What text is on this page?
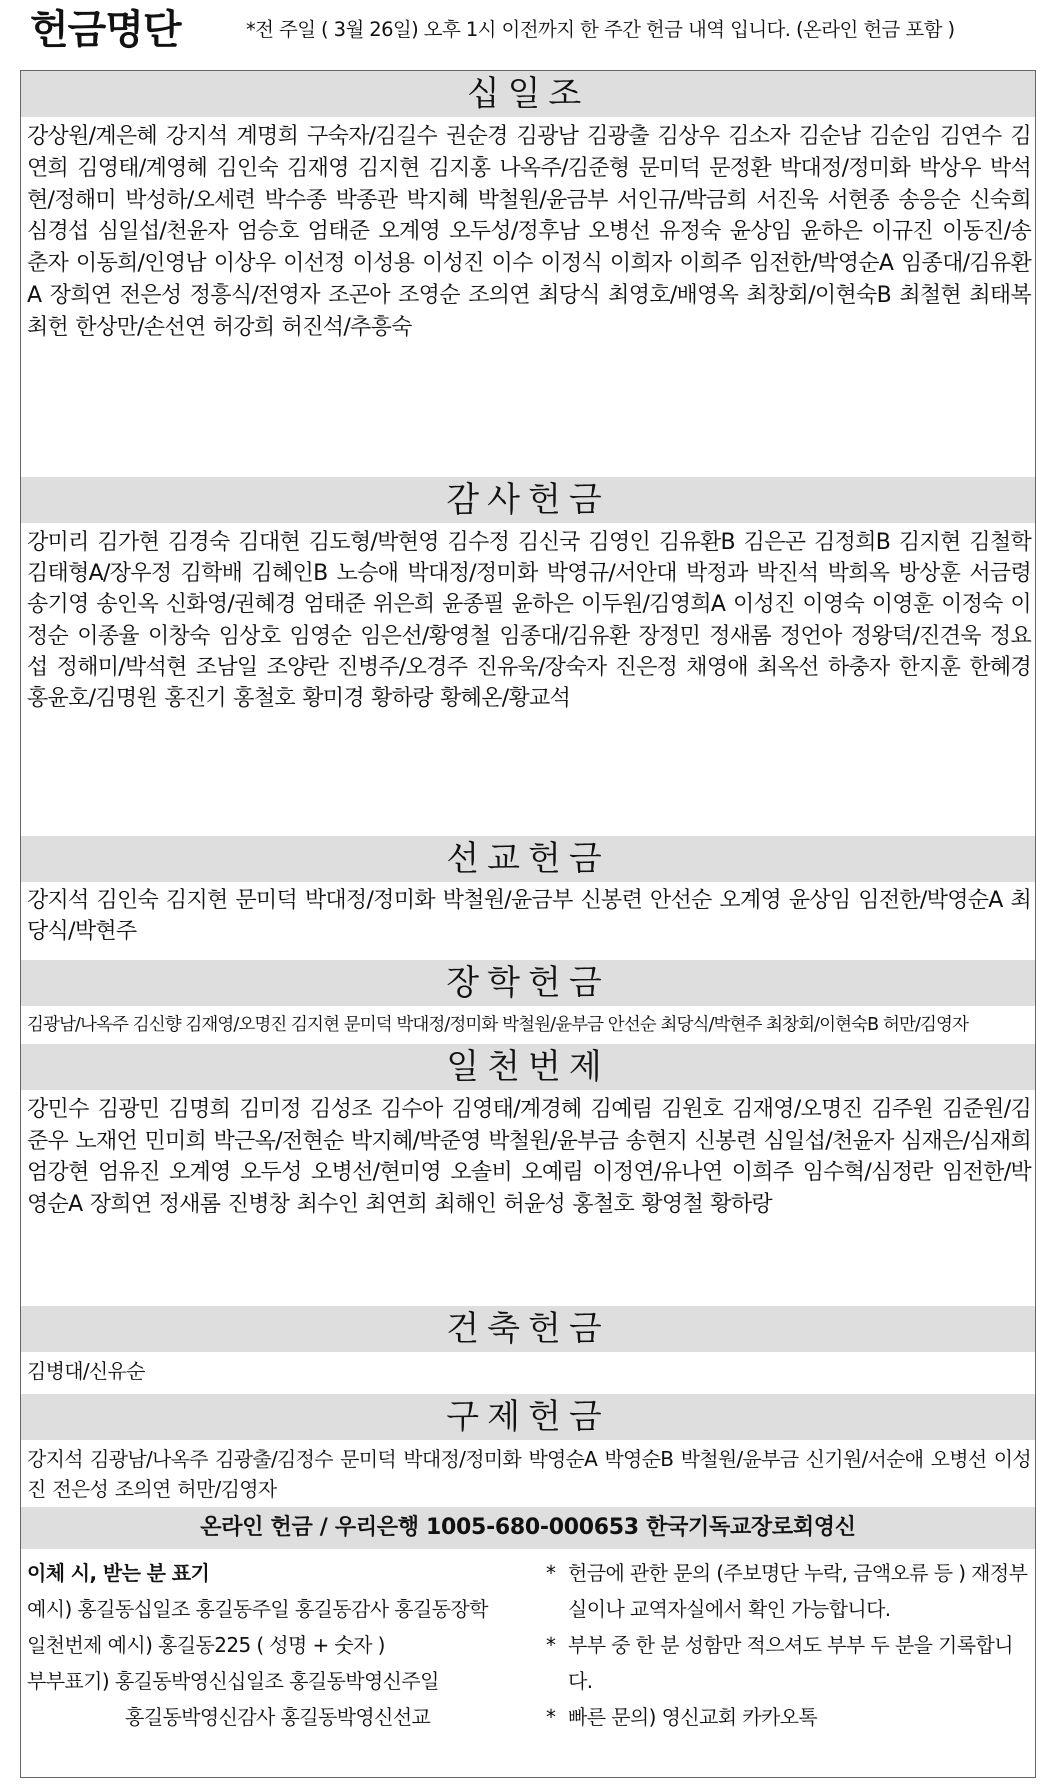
헌금명단	*전 주일 ( 3월 26일) 오후 1시 이전까지 한 주간 헌금 내역 입니다. (온라인 헌금 포함 )
십일조

강상원/계은혜 강지석 계명희 구숙자/김길수 권순경 김광남 김광출 김상우 김소자 김순남 김순임 김연수 김연희 김영태/계영혜 김인숙 김재영 김지현 김지홍 나옥주/김준형 문미덕 문정환 박대정/정미화 박상우 박석현/정해미 박성하/오세련 박수종 박종관 박지혜 박철원/윤금부 서인규/박금희 서진욱 서현종 송응순 신숙희 심경섭 심일섭/천윤자 엄승호 엄태준 오계영 오두성/정후남 오병선 유정숙 윤상임 윤하은 이규진 이동진/송춘자 이동희/인영남 이상우 이선정 이성용 이성진 이수 이정식 이희자 이희주 임전한/박영순A 임종대/김유환A 장희연 전은성 정흥식/전영자 조곤아 조영순 조의연 최당식 최영호/배영옥 최창회/이현숙B 최철현 최태복 최헌 한상만/손선연 허강희 허진석/추흥숙

감사헌금

강미리 김가현 김경숙 김대현 김도형/박현영 김수정 김신국 김영인 김유환B 김은곤 김정희B 김지현 김철학 김태형A/장우정 김학배 김혜인B 노승애 박대정/정미화 박영규/서안대 박정과 박진석 박희옥 방상훈 서금령 송기영 송인옥 신화영/권혜경 엄태준 위은희 윤종필 윤하은 이두원/김영희A 이성진 이영숙 이영훈 이정숙 이정순 이종율 이창숙 임상호 임영순 임은선/황영철 임종대/김유환 장정민 정새롬 정언아 정왕덕/진견욱 정요섭 정해미/박석현 조남일 조양란 진병주/오경주 진유욱/장숙자 진은정 채영애 최옥선 하충자 한지훈 한혜경 홍윤호/김명원 홍진기 홍철호 황미경 황하랑 황혜온/황교석

선교헌금

강지석 김인숙 김지현 문미덕 박대정/정미화 박철원/윤금부 신봉련 안선순 오계영 윤상임 임전한/박영순A 최당식/박현주

장학헌금

김광남/나옥주 김신향 김재영/오명진 김지현 문미덕 박대정/정미화 박철원/윤부금 안선순 최당식/박현주 최창회/이현숙B 허만/김영자

일천번제

강민수 김광민 김명희 김미정 김성조 김수아 김영태/계경혜 김예림 김원호 김재영/오명진 김주원 김준원/김준우 노재언 민미희 박근옥/전현순 박지혜/박준영 박철원/윤부금 송현지 신봉련 심일섭/천윤자 심재은/심재희 엄강현 엄유진 오계영 오두성 오병선/현미영 오솔비 오예림 이정연/유나연 이희주 임수혁/심정란 임전한/박영순A 장희연 정새롬 진병창 최수인 최연희 최해인 허윤성 홍철호 황영철 황하랑

건축헌금

김병대/신유순

구제헌금

강지석 김광남/나옥주 김광출/김정수 문미덕 박대정/정미화 박영순A 박영순B 박철원/윤부금 신기원/서순애 오병선 이성진 전은성 조의연 허만/김영자

온라인 헌금 / 우리은행 1005-680-000653 한국기독교장로회영신
이체 시, 받는 분 표기
예시) 홍길동십일조 홍길동주일 홍길동감사 홍길동장학
일천번제 예시) 홍길동225 ( 성명 + 숫자 )
부부표기) 홍길동박영신십일조 홍길동박영신주일
홍길동박영신감사 홍길동박영신선교
* 헌금에 관한 문의 (주보명단 누락, 금액오류 등 ) 재정부실이나 교역자실에서 확인 가능합니다.
* 부부 중 한 분 성함만 적으셔도 부부 두 분을 기록합니다.
* 빠른 문의) 영신교회 카카오톡
